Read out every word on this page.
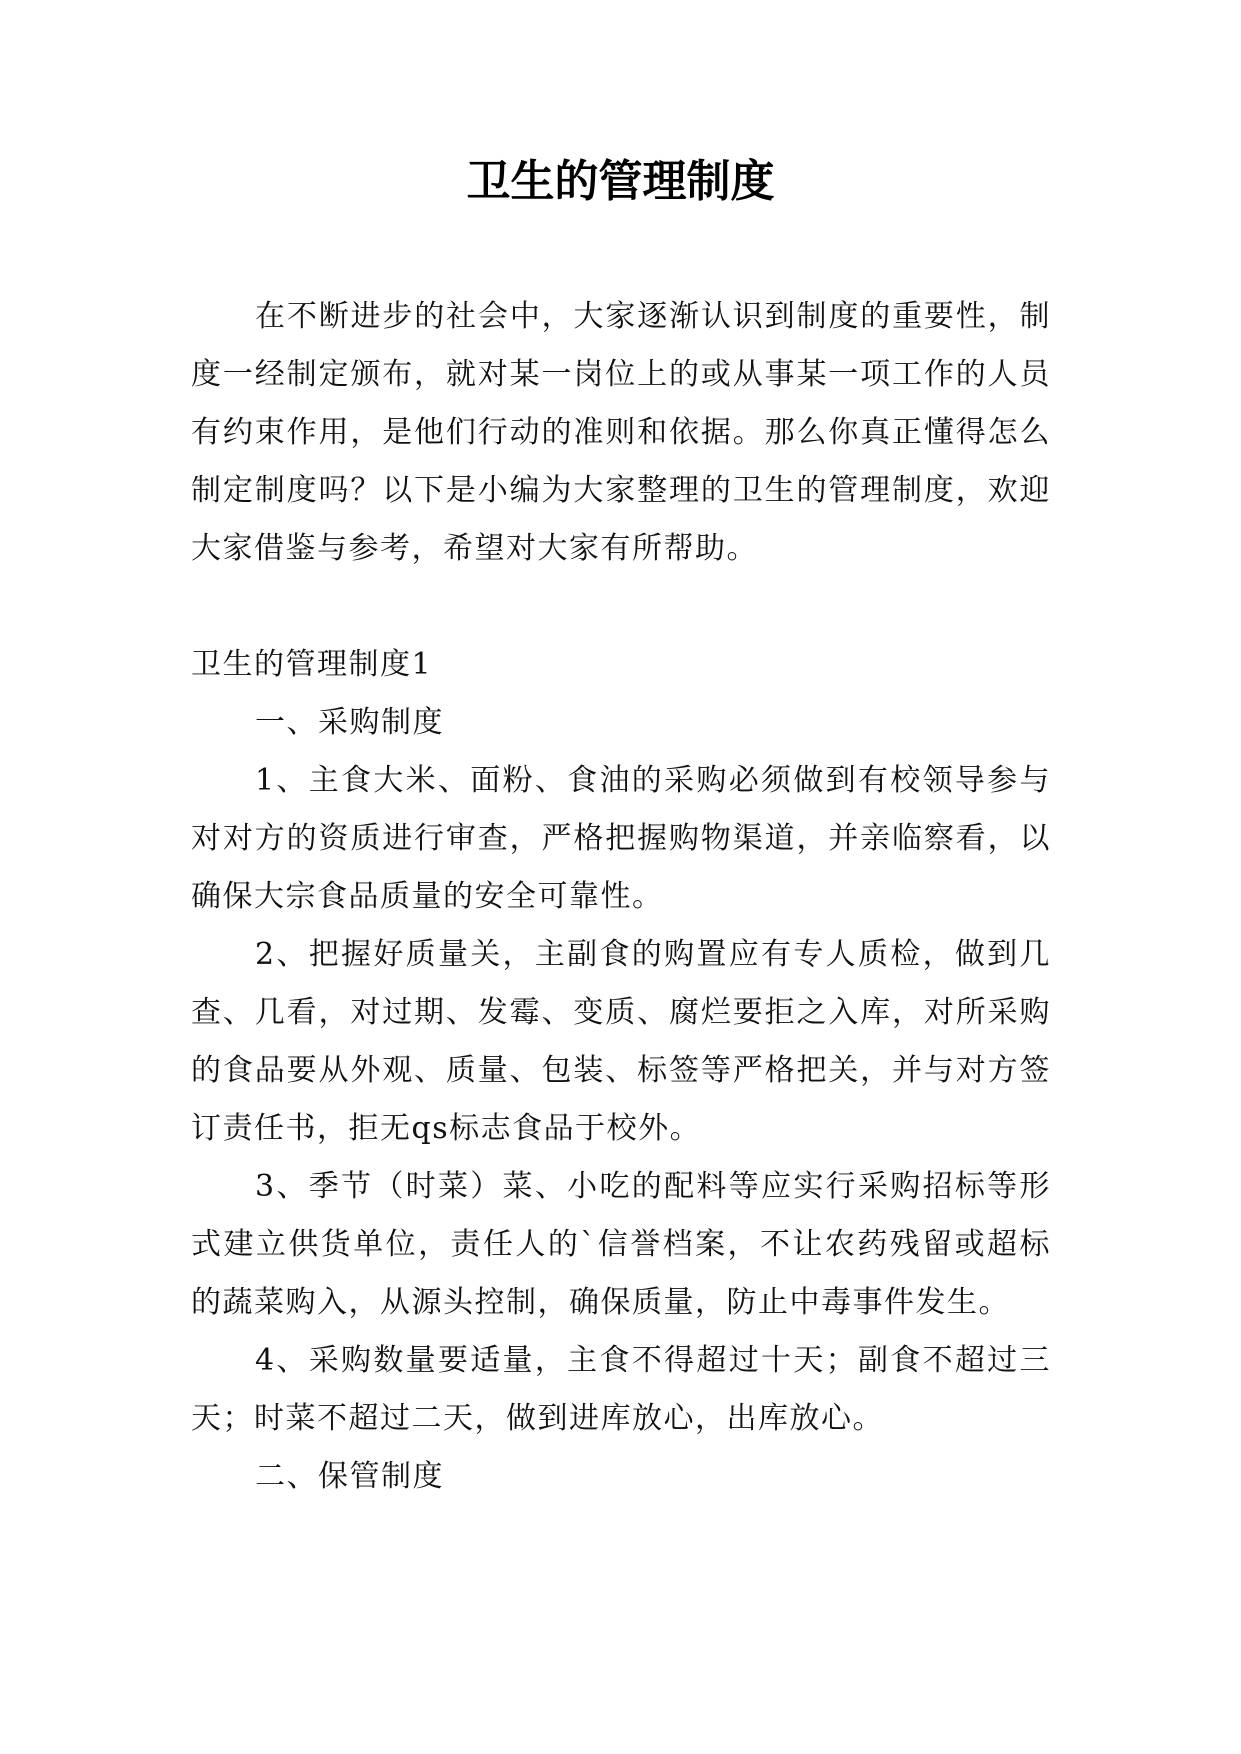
卫生的管理制度

在不断进步的社会中，大家逐渐认识到制度的重要性，制度一经制定颁布，就对某一岗位上的或从事某一项工作的人员有约束作用，是他们行动的准则和依据。那么你真正懂得怎么制定制度吗？以下是小编为大家整理的卫生的管理制度，欢迎大家借鉴与参考，希望对大家有所帮助。

卫生的管理制度1

一、采购制度

1、主食大米、面粉、食油的采购必须做到有校领导参与对对方的资质进行审查，严格把握购物渠道，并亲临察看，以确保大宗食品质量的安全可靠性。

2、把握好质量关，主副食的购置应有专人质检，做到几查、几看，对过期、发霉、变质、腐烂要拒之入库，对所采购的食品要从外观、质量、包装、标签等严格把关，并与对方签订责任书，拒无qs标志食品于校外。

3、季节（时菜）菜、小吃的配料等应实行采购招标等形式建立供货单位，责任人的`信誉档案，不让农药残留或超标的蔬菜购入，从源头控制，确保质量，防止中毒事件发生。

4、采购数量要适量，主食不得超过十天；副食不超过三天；时菜不超过二天，做到进库放心，出库放心。

二、保管制度
